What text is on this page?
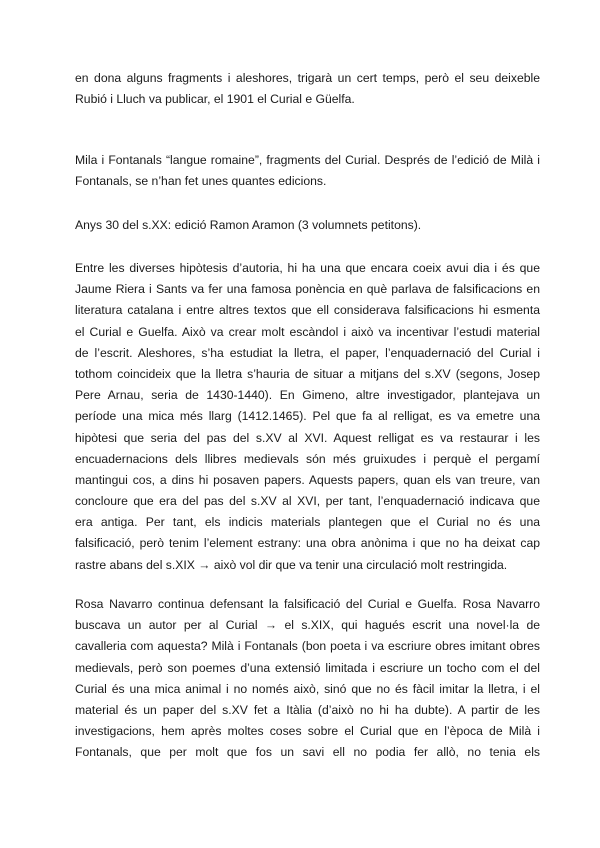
en dona alguns fragments i aleshores, trigarà un cert temps, però el seu deixeble
Rubió i Lluch va publicar, el 1901 el Curial e Güelfa.
Mila i Fontanals “langue romaine”, fragments del Curial. Després de l’edició de Milà i
Fontanals, se n’han fet unes quantes edicions.
Anys 30 del s.XX: edició Ramon Aramon (3 volumnets petitons).
Entre les diverses hipòtesis d’autoria, hi ha una que encara coeix avui dia i és que
Jaume Riera i Sants va fer una famosa ponència en què parlava de falsificacions en
literatura catalana i entre altres textos que ell considerava falsificacions hi esmenta
el Curial e Guelfa. Això va crear molt escàndol i això va incentivar l’estudi material
de l’escrit. Aleshores, s’ha estudiat la lletra, el paper, l’enquadernació del Curial i
tothom coincideix que la lletra s’hauria de situar a mitjans del s.XV (segons, Josep
Pere Arnau, seria de 1430-1440). En Gimeno, altre investigador, plantejava un
període una mica més llarg (1412.1465). Pel que fa al relligat, es va emetre una
hipòtesi que seria del pas del s.XV al XVI. Aquest relligat es va restaurar i les
encuadernacions dels llibres medievals són més gruixudes i perquè el pergamí
mantingui cos, a dins hi posaven papers. Aquests papers, quan els van treure, van
concloure que era del pas del s.XV al XVI, per tant, l’enquadernació indicava que
era antiga. Per tant, els indicis materials plantegen que el Curial no és una
falsificació, però tenim l’element estrany: una obra anònima i que no ha deixat cap
rastre abans del s.XIX → això vol dir que va tenir una circulació molt restringida.
Rosa Navarro continua defensant la falsificació del Curial e Guelfa. Rosa Navarro
buscava un autor per al Curial → el s.XIX, qui hagués escrit una novel·la de
cavalleria com aquesta? Milà i Fontanals (bon poeta i va escriure obres imitant obres
medievals, però son poemes d’una extensió limitada i escriure un tocho com el del
Curial és una mica animal i no només això, sinó que no és fàcil imitar la lletra, i el
material és un paper del s.XV fet a Itàlia (d’això no hi ha dubte). A partir de les
investigacions, hem après moltes coses sobre el Curial que en l’època de Milà i
Fontanals, que per molt que fos un savi ell no podia fer allò, no tenia els
